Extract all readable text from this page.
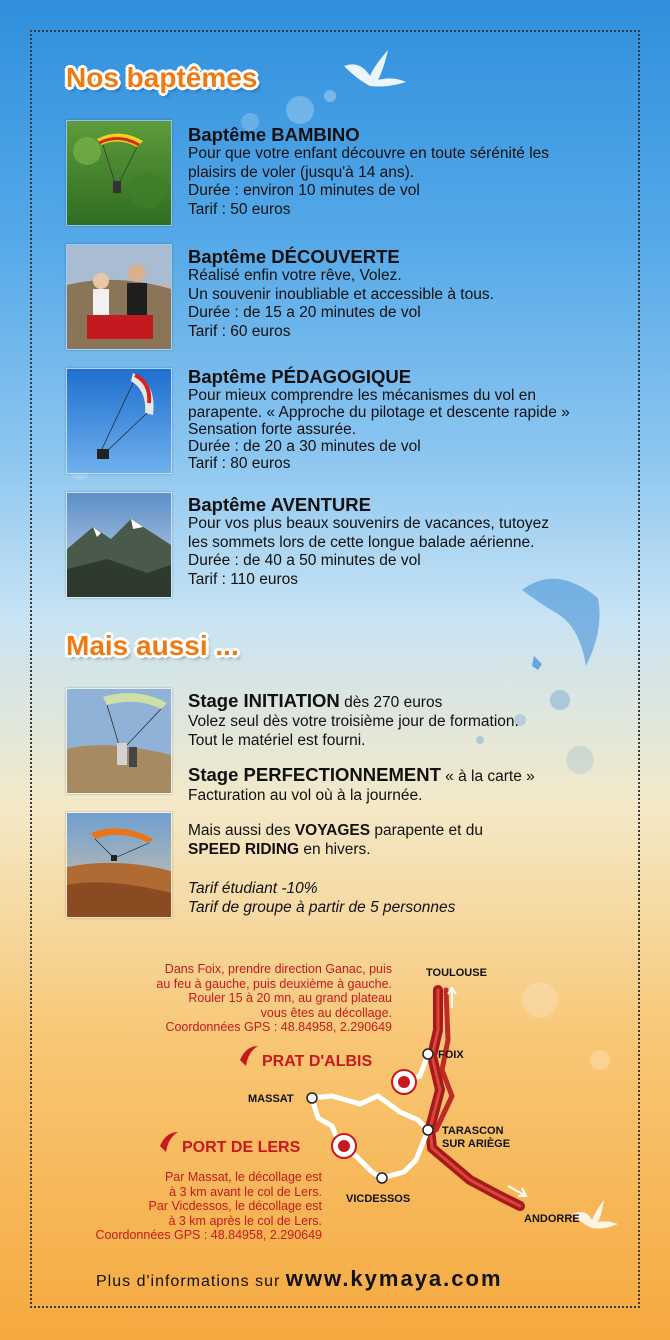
Nos baptêmes
Baptême BAMBINO

Pour que votre enfant découvre en toute sérénité les

plaisirs de voler (jusqu'à 14 ans).

Durée : environ 10 minutes de vol

Tarif : 50 euros

Baptême DÉCOUVERTE

Réalisé enfin votre rêve, Volez.

Un souvenir inoubliable et accessible à tous.

Durée : de 15 a 20 minutes de vol

Tarif : 60 euros

Baptême PÉDAGOGIQUE

Pour mieux comprendre les mécanismes du vol en

parapente. « Approche du pilotage et descente rapide »

Sensation forte assurée.

Durée : de 20 a 30 minutes de vol

Tarif : 80 euros

Baptême AVENTURE

Pour vos plus beaux souvenirs de vacances, tutoyez

les sommets lors de cette longue balade aérienne.

Durée : de 40 a 50 minutes de vol

Tarif : 110 euros

Mais aussi ...
Stage INITIATION dès 270 euros

Volez seul dès votre troisième jour de formation.

Tout le matériel est fourni.

Stage PERFECTIONNEMENT « à la carte »

Facturation au vol où à la journée.

Mais aussi des VOYAGES parapente et du

SPEED RIDING en hivers.

Tarif étudiant -10%

Tarif de groupe à partir de 5 personnes

Dans Foix, prendre direction Ganac, puis
au feu à gauche, puis deuxième à gauche.
Rouler 15 à 20 mn, au grand plateau
vous êtes au décollage.
Coordonnées GPS : 48.84958, 2.290649
Par Massat, le décollage est
à 3 km avant le col de Lers.
Par Vicdessos, le décollage est
à 3 km après le col de Lers.
Coordonnées GPS : 48.84958, 2.290649
PRAT D'ALBIS
PORT DE LERS
TOULOUSE
FOIX
MASSAT
TARASCON
SUR ARIÈGE
VICDESSOS
ANDORRE
Plus d'informations sur www.kymaya.com
